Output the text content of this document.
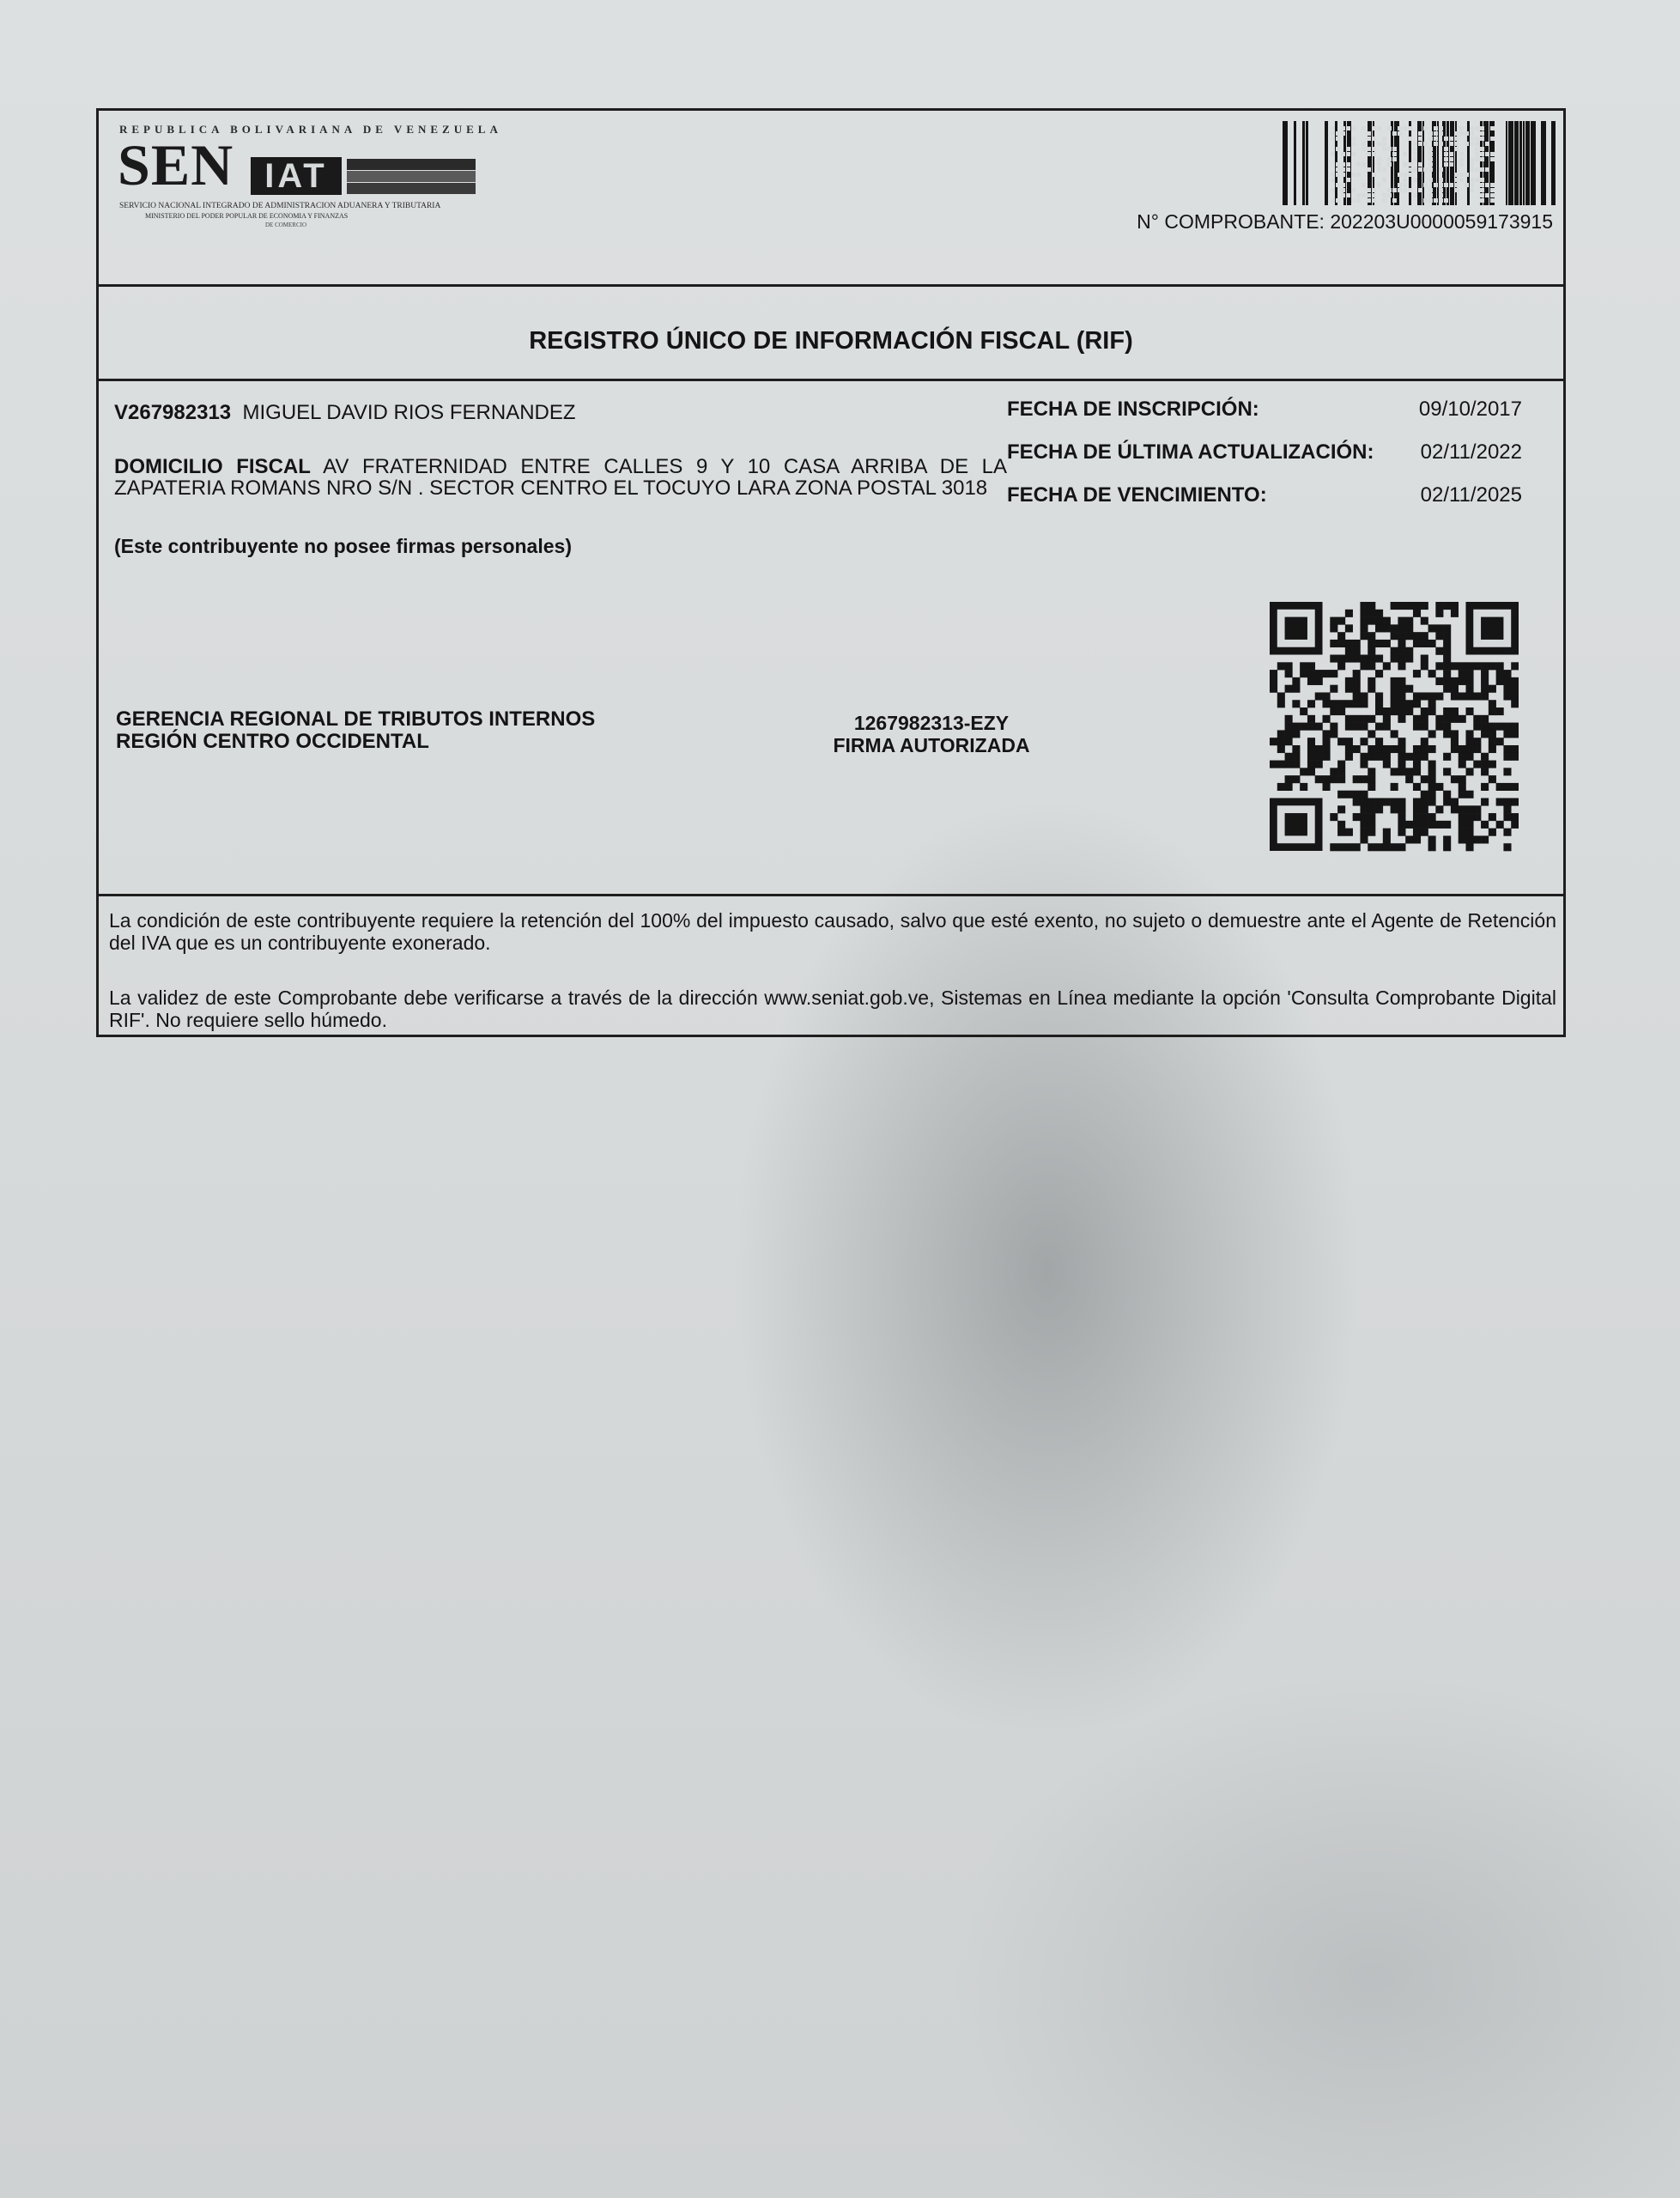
REPUBLICA BOLIVARIANA DE VENEZUELA
SEN IAT
SERVICIO NACIONAL INTEGRADO DE ADMINISTRACION ADUANERA Y TRIBUTARIA
MINISTERIO DEL PODER POPULAR DE ECONOMIA Y FINANZAS
DE COMERCIO	N° COMPROBANTE: 202203U0000059173915
REGISTRO ÚNICO DE INFORMACIÓN FISCAL (RIF)
V267982313 MIGUEL DAVID RIOS FERNANDEZ
DOMICILIO FISCAL AV FRATERNIDAD ENTRE CALLES 9 Y 10 CASA ARRIBA DE LA ZAPATERIA ROMANS NRO S/N . SECTOR CENTRO EL TOCUYO LARA ZONA POSTAL 3018
(Este contribuyente no posee firmas personales)
FECHA DE INSCRIPCIÓN:	09/10/2017
FECHA DE ÚLTIMA ACTUALIZACIÓN: 02/11/2022
FECHA DE VENCIMIENTO:	02/11/2025
GERENCIA REGIONAL DE TRIBUTOS INTERNOS
REGIÓN CENTRO OCCIDENTAL
1267982313-EZY
FIRMA AUTORIZADA
La condición de este contribuyente requiere la retención del 100% del impuesto causado, salvo que esté exento, no sujeto o demuestre ante el Agente de Retención del IVA que es un contribuyente exonerado.
La validez de este Comprobante debe verificarse a través de la dirección www.seniat.gob.ve, Sistemas en Línea mediante la opción 'Consulta Comprobante Digital RIF'. No requiere sello húmedo.
